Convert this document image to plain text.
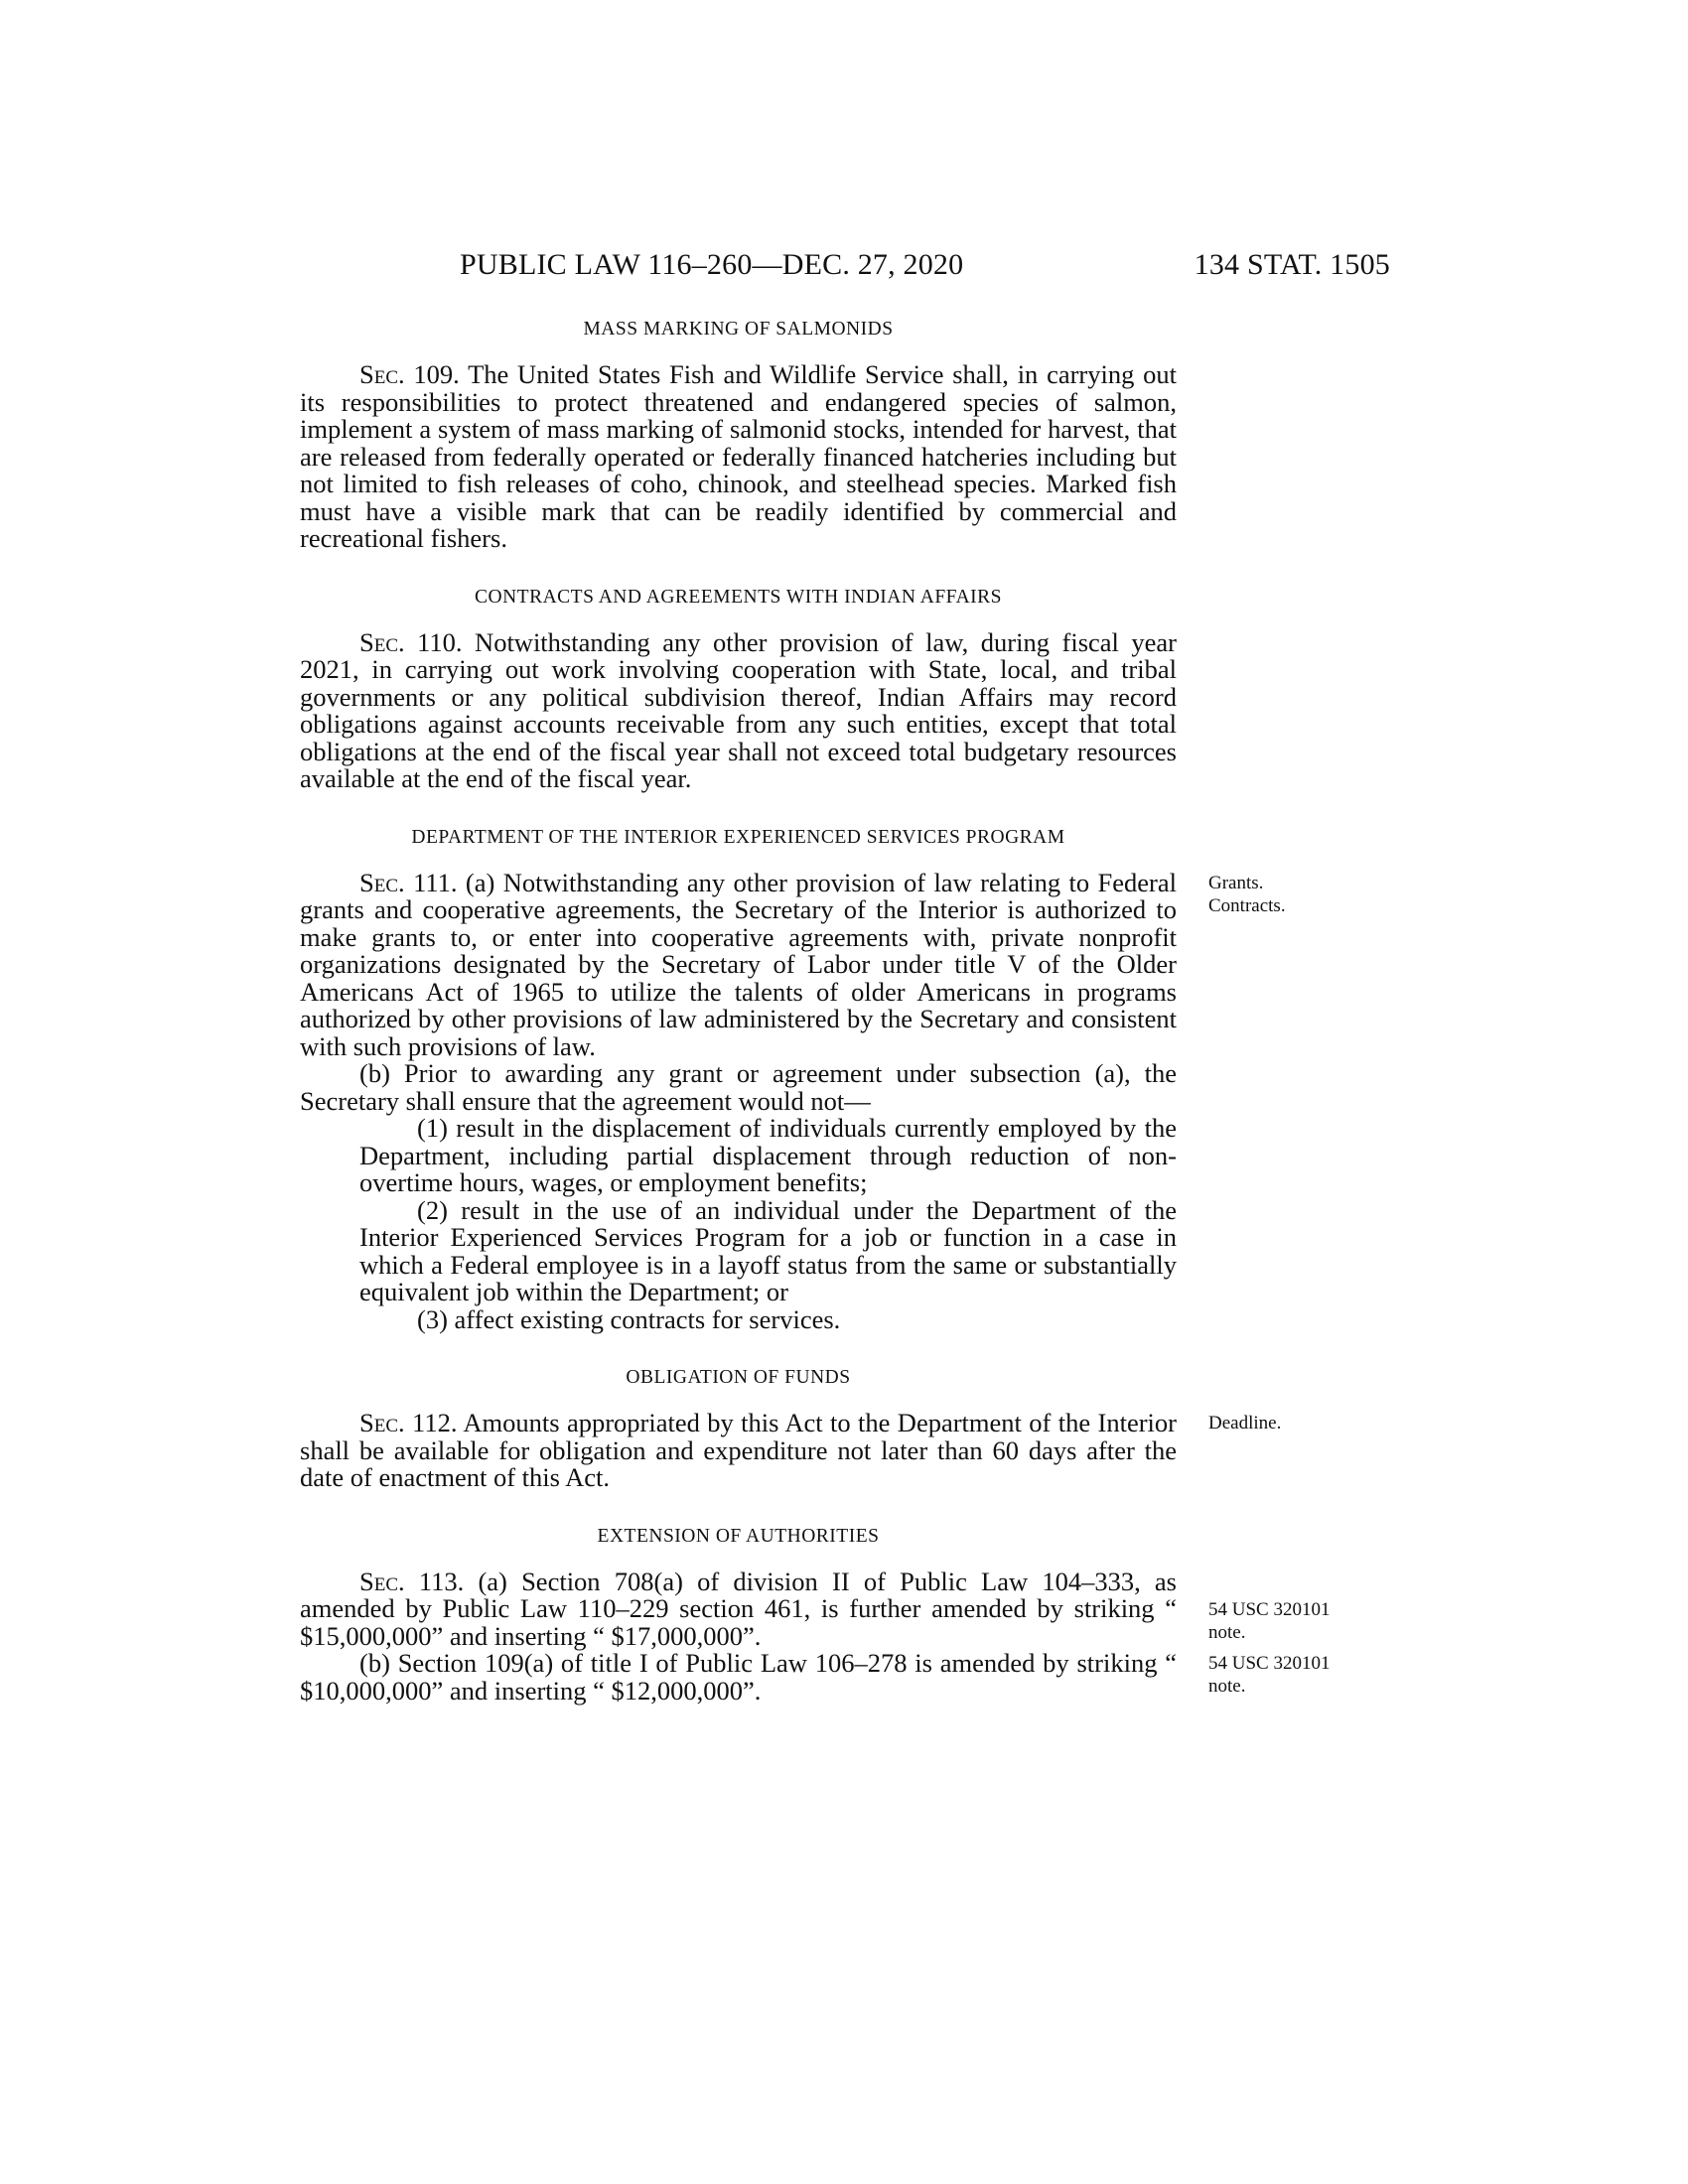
PUBLIC LAW 116–260—DEC. 27, 2020	134 STAT. 1505

MASS MARKING OF SALMONIDS

Sec. 109. The United States Fish and Wildlife Service shall, in carrying out its responsibilities to protect threatened and endangered species of salmon, implement a system of mass marking of salmonid stocks, intended for harvest, that are released from federally operated or federally financed hatcheries including but not limited to fish releases of coho, chinook, and steelhead species. Marked fish must have a visible mark that can be readily identified by commercial and recreational fishers.

CONTRACTS AND AGREEMENTS WITH INDIAN AFFAIRS

Sec. 110. Notwithstanding any other provision of law, during fiscal year 2021, in carrying out work involving cooperation with State, local, and tribal governments or any political subdivision thereof, Indian Affairs may record obligations against accounts receivable from any such entities, except that total obligations at the end of the fiscal year shall not exceed total budgetary resources available at the end of the fiscal year.

DEPARTMENT OF THE INTERIOR EXPERIENCED SERVICES PROGRAM

Grants.
Contracts.

Sec. 111. (a) Notwithstanding any other provision of law relating to Federal grants and cooperative agreements, the Secretary of the Interior is authorized to make grants to, or enter into cooperative agreements with, private nonprofit organizations designated by the Secretary of Labor under title V of the Older Americans Act of 1965 to utilize the talents of older Americans in programs authorized by other provisions of law administered by the Secretary and consistent with such provisions of law.

(b) Prior to awarding any grant or agreement under subsection (a), the Secretary shall ensure that the agreement would not—

(1) result in the displacement of individuals currently employed by the Department, including partial displacement through reduction of non-overtime hours, wages, or employment benefits;

(2) result in the use of an individual under the Department of the Interior Experienced Services Program for a job or function in a case in which a Federal employee is in a layoff status from the same or substantially equivalent job within the Department; or

(3) affect existing contracts for services.

OBLIGATION OF FUNDS

Deadline.

Sec. 112. Amounts appropriated by this Act to the Department of the Interior shall be available for obligation and expenditure not later than 60 days after the date of enactment of this Act.

EXTENSION OF AUTHORITIES

54 USC 320101
note.
54 USC 320101
note.

Sec. 113. (a) Section 708(a) of division II of Public Law 104–333, as amended by Public Law 110–229 section 461, is further amended by striking “ $15,000,000” and inserting “ $17,000,000”.

(b) Section 109(a) of title I of Public Law 106–278 is amended by striking “ $10,000,000” and inserting “ $12,000,000”.
